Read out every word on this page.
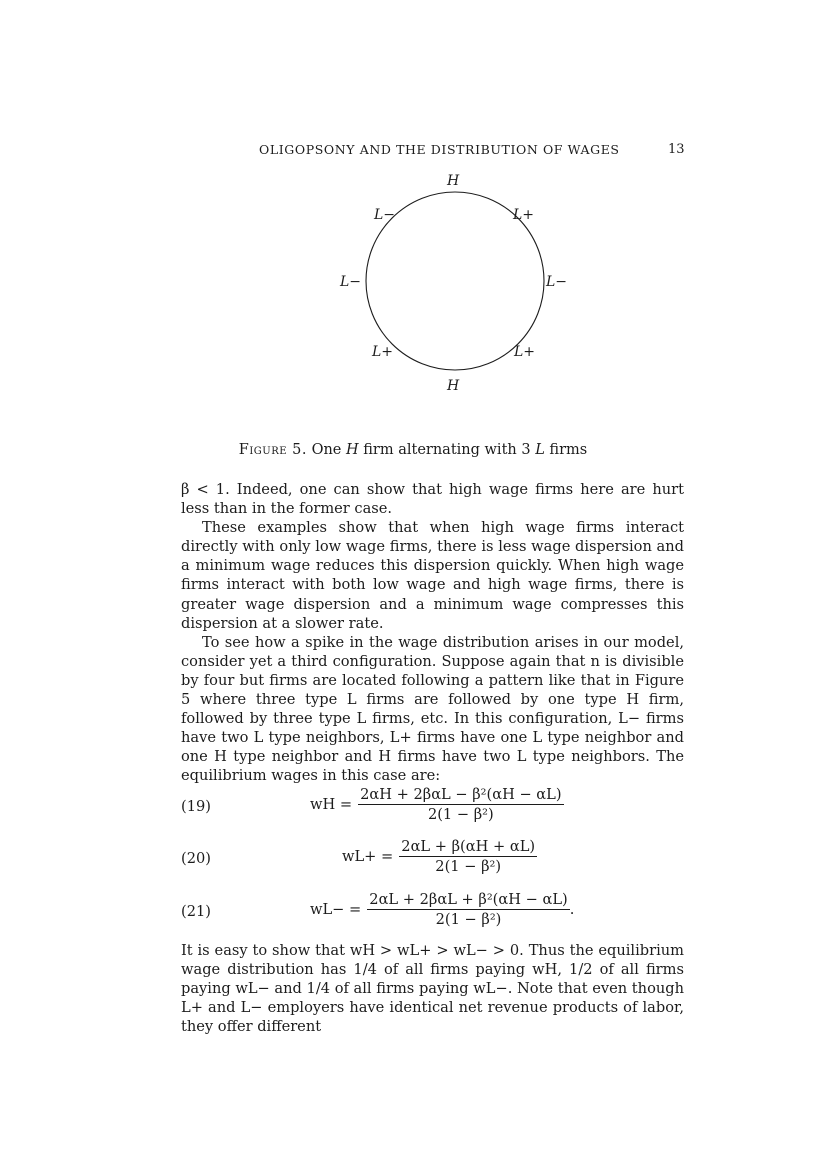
OLIGOPSONY AND THE DISTRIBUTION OF WAGES	13
H
L−	L+
L−	L−
L+	L+
H
Figure 5. One H firm alternating with 3 L firms

β < 1. Indeed, one can show that high wage firms here are hurt less than in the former case.

These examples show that when high wage firms interact directly with only low wage firms, there is less wage dispersion and a minimum wage reduces this dispersion quickly. When high wage firms interact with both low wage and high wage firms, there is greater wage dispersion and a minimum wage compresses this dispersion at a slower rate.

To see how a spike in the wage distribution arises in our model, consider yet a third configuration. Suppose again that n is divisible by four but firms are located following a pattern like that in Figure 5 where three type L firms are followed by one type H firm, followed by three type L firms, etc. In this configuration, L− firms have two L type neighbors, L+ firms have one L type neighbor and one H type neighbor and H firms have two L type neighbors. The equilibrium wages in this case are:

(19)	wH = $\frac{\text{2αH + 2βαL − β²(αH − αL)}}{\text{2(1 − β²)}}$
(20)	$wL+ = \frac{2\alpha L + \beta(\alpha H + \alpha L)}{\text{2(1 − β²)}}$
(21)	$wL- = \frac{\text{2αL + 2βαL + β²(αH − αL)}}{\text{2(1 − β²)}}$ .

It is easy to show that wH > wL+ > wL− > 0. Thus the equilibrium wage distribution has 1/4 of all firms paying wH, 1/2 of all firms paying wL− and 1/4 of all firms paying wL−. Note that even though L+ and L− employers have identical net revenue products of labor, they offer different
